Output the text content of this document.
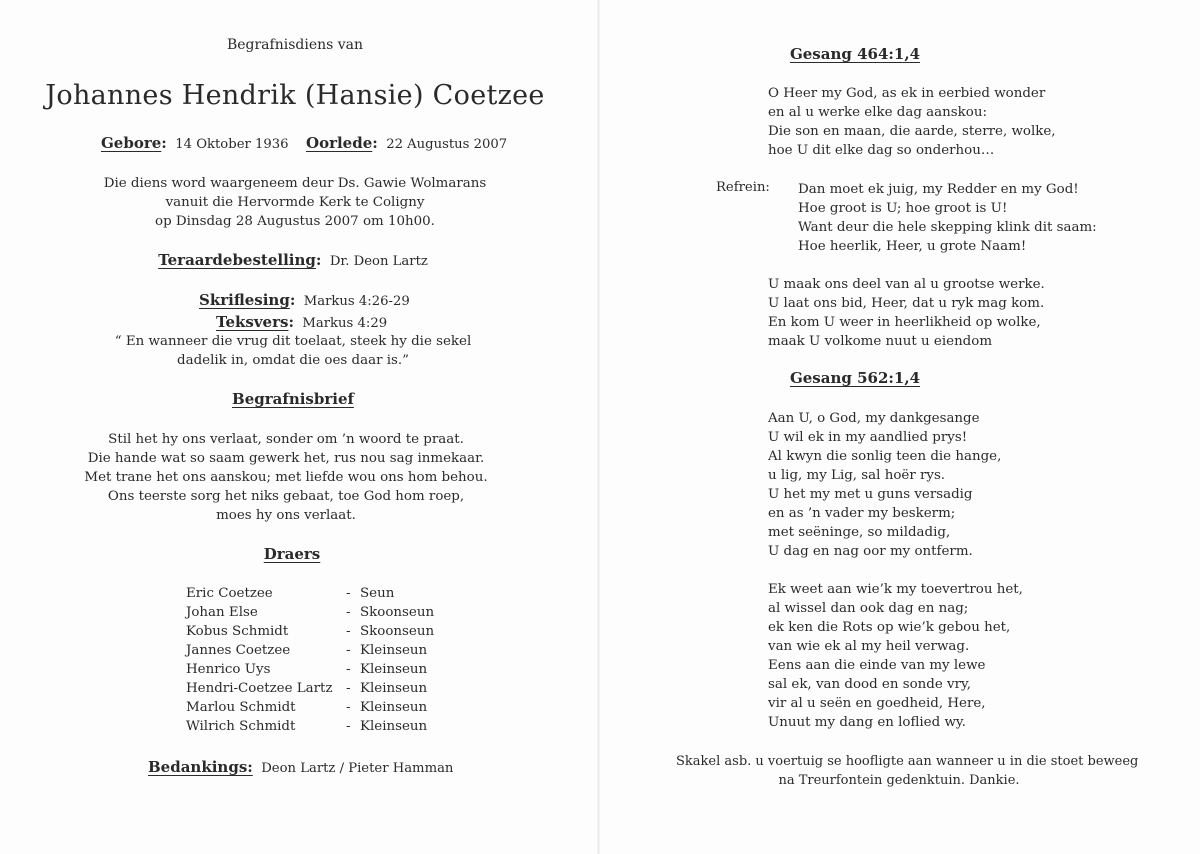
Begrafnisdiens van
Johannes Hendrik (Hansie) Coetzee
Gebore: 14 Oktober 1936 Oorlede: 22 Augustus 2007
Die diens word waargeneem deur Ds. Gawie Wolmarans
vanuit die Hervormde Kerk te Coligny
op Dinsdag 28 Augustus 2007 om 10h00.
Teraardebestelling: Dr. Deon Lartz
Skriflesing: Markus 4:26-29
Teksvers: Markus 4:29
“ En wanneer die vrug dit toelaat, steek hy die sekel
dadelik in, omdat die oes daar is.”
Begrafnisbrief
Stil het hy ons verlaat, sonder om ’n woord te praat.
Die hande wat so saam gewerk het, rus nou sag inmekaar.
Met trane het ons aanskou; met liefde wou ons hom behou.
Ons teerste sorg het niks gebaat, toe God hom roep,
moes hy ons verlaat.
Draers
Eric Coetzee	- Seun
Johan Else	- Skoonseun
Kobus Schmidt	- Skoonseun
Jannes Coetzee	- Kleinseun
Henrico Uys	- Kleinseun
Hendri-Coetzee Lartz - Kleinseun
Marlou Schmidt	- Kleinseun
Wilrich Schmidt	- Kleinseun
Bedankings: Deon Lartz / Pieter Hamman
Gesang 464:1,4
O Heer my God, as ek in eerbied wonder
en al u werke elke dag aanskou:
Die son en maan, die aarde, sterre, wolke,
hoe U dit elke dag so onderhou…
Refrein: Dan moet ek juig, my Redder en my God!
Hoe groot is U; hoe groot is U!
Want deur die hele skepping klink dit saam:
Hoe heerlik, Heer, u grote Naam!
U maak ons deel van al u grootse werke.
U laat ons bid, Heer, dat u ryk mag kom.
En kom U weer in heerlikheid op wolke,
maak U volkome nuut u eiendom
Gesang 562:1,4
Aan U, o God, my dankgesange
U wil ek in my aandlied prys!
Al kwyn die sonlig teen die hange,
u lig, my Lig, sal hoër rys.
U het my met u guns versadig
en as ’n vader my beskerm;
met seëninge, so mildadig,
U dag en nag oor my ontferm.
Ek weet aan wie’k my toevertrou het,
al wissel dan ook dag en nag;
ek ken die Rots op wie’k gebou het,
van wie ek al my heil verwag.
Eens aan die einde van my lewe
sal ek, van dood en sonde vry,
vir al u seën en goedheid, Here,
Unuut my dang en loflied wy.
Skakel asb. u voertuig se hoofligte aan wanneer u in die stoet beweeg
na Treurfontein gedenktuin. Dankie.
